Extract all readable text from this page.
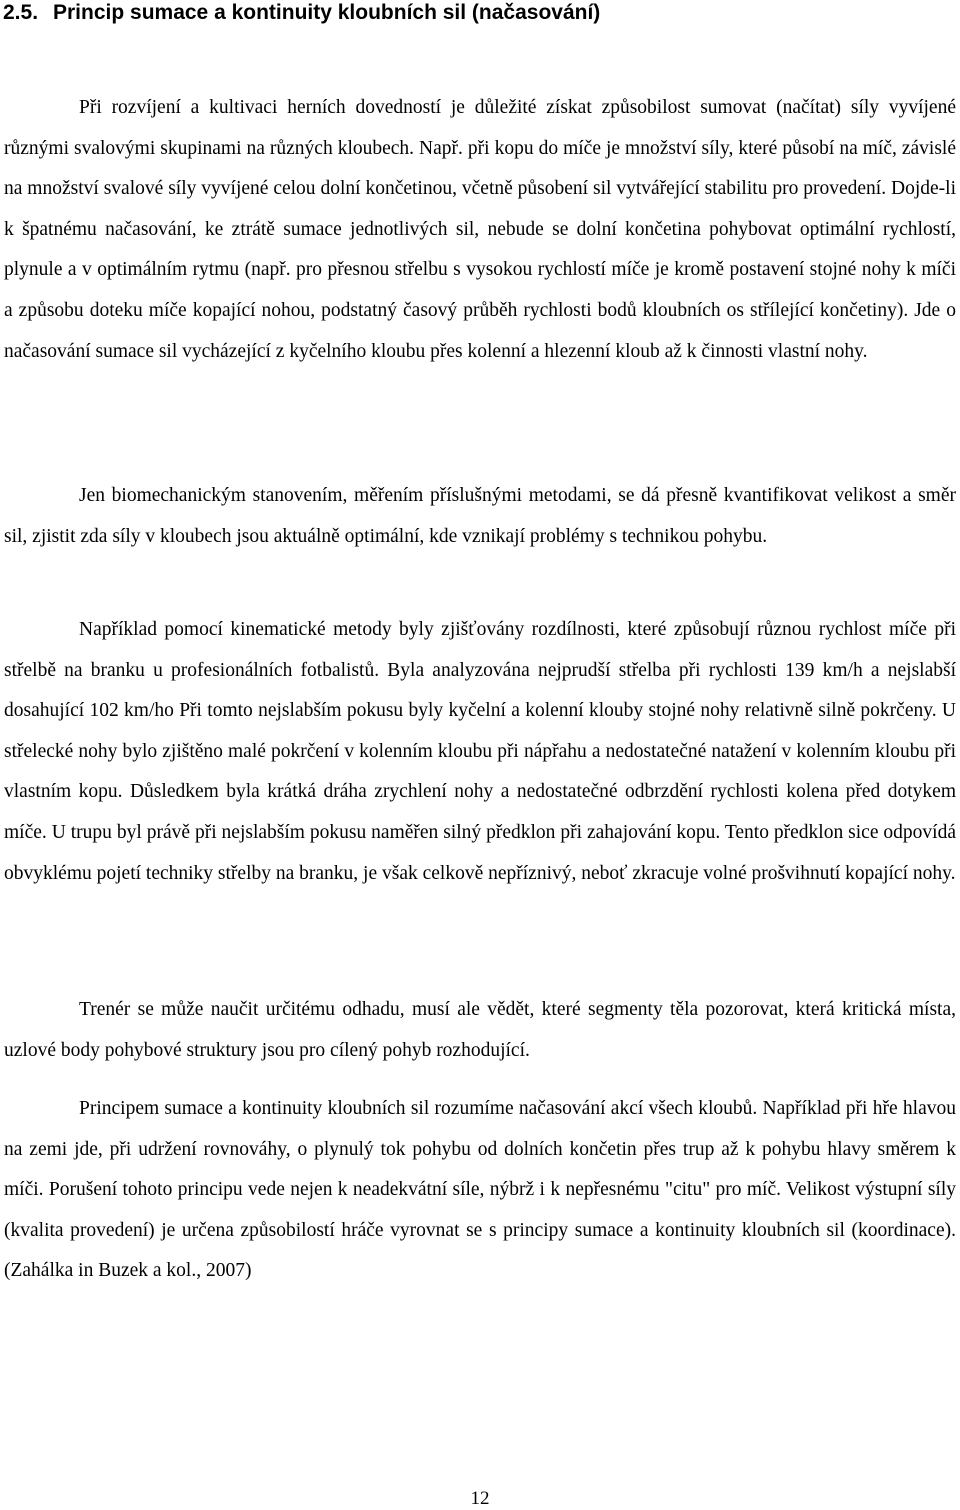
2.5. Princip sumace a kontinuity kloubních sil (načasování)

Při rozvíjení a kultivaci herních dovedností je důležité získat způsobilost sumovat (načítat) síly vyvíjené různými svalovými skupinami na různých kloubech. Např. při kopu do míče je množství síly, které působí na míč, závislé na množství svalové síly vyvíjené celou dolní končetinou, včetně působení sil vytvářející stabilitu pro provedení. Dojde-li k špatnému načasování, ke ztrátě sumace jednotlivých sil, nebude se dolní končetina pohybovat optimální rychlostí, plynule a v optimálním rytmu (např. pro přesnou střelbu s vysokou rychlostí míče je kromě postavení stojné nohy k míči a způsobu doteku míče kopající nohou, podstatný časový průběh rychlosti bodů kloubních os střílející končetiny). Jde o načasování sumace sil vycházející z kyčelního kloubu přes kolenní a hlezenní kloub až k činnosti vlastní nohy.

Jen biomechanickým stanovením, měřením příslušnými metodami, se dá přesně kvantifikovat velikost a směr sil, zjistit zda síly v kloubech jsou aktuálně optimální, kde vznikají problémy s technikou pohybu.

Například pomocí kinematické metody byly zjišťovány rozdílnosti, které způsobují různou rychlost míče při střelbě na branku u profesionálních fotbalistů. Byla analyzována nejprudší střelba při rychlosti 139 km/h a nejslabší dosahující 102 km/ho Při tomto nejslabším pokusu byly kyčelní a kolenní klouby stojné nohy relativně silně pokrčeny. U střelecké nohy bylo zjištěno malé pokrčení v kolenním kloubu při nápřahu a nedostatečné natažení v kolenním kloubu při vlastním kopu. Důsledkem byla krátká dráha zrychlení nohy a nedostatečné odbrzdění rychlosti kolena před dotykem míče. U trupu byl právě při nejslabším pokusu naměřen silný předklon při zahajování kopu. Tento předklon sice odpovídá obvyklému pojetí techniky střelby na branku, je však celkově nepříznivý, neboť zkracuje volné prošvihnutí kopající nohy.

Trenér se může naučit určitému odhadu, musí ale vědět, které segmenty těla pozorovat, která kritická místa, uzlové body pohybové struktury jsou pro cílený pohyb rozhodující.

Principem sumace a kontinuity kloubních sil rozumíme načasování akcí všech kloubů. Například při hře hlavou na zemi jde, při udržení rovnováhy, o plynulý tok pohybu od dolních končetin přes trup až k pohybu hlavy směrem k míči. Porušení tohoto principu vede nejen k neadekvátní síle, nýbrž i k nepřesnému "citu" pro míč. Velikost výstupní síly (kvalita provedení) je určena způsobilostí hráče vyrovnat se s principy sumace a kontinuity kloubních sil (koordinace). (Zahálka in Buzek a kol., 2007)

12
